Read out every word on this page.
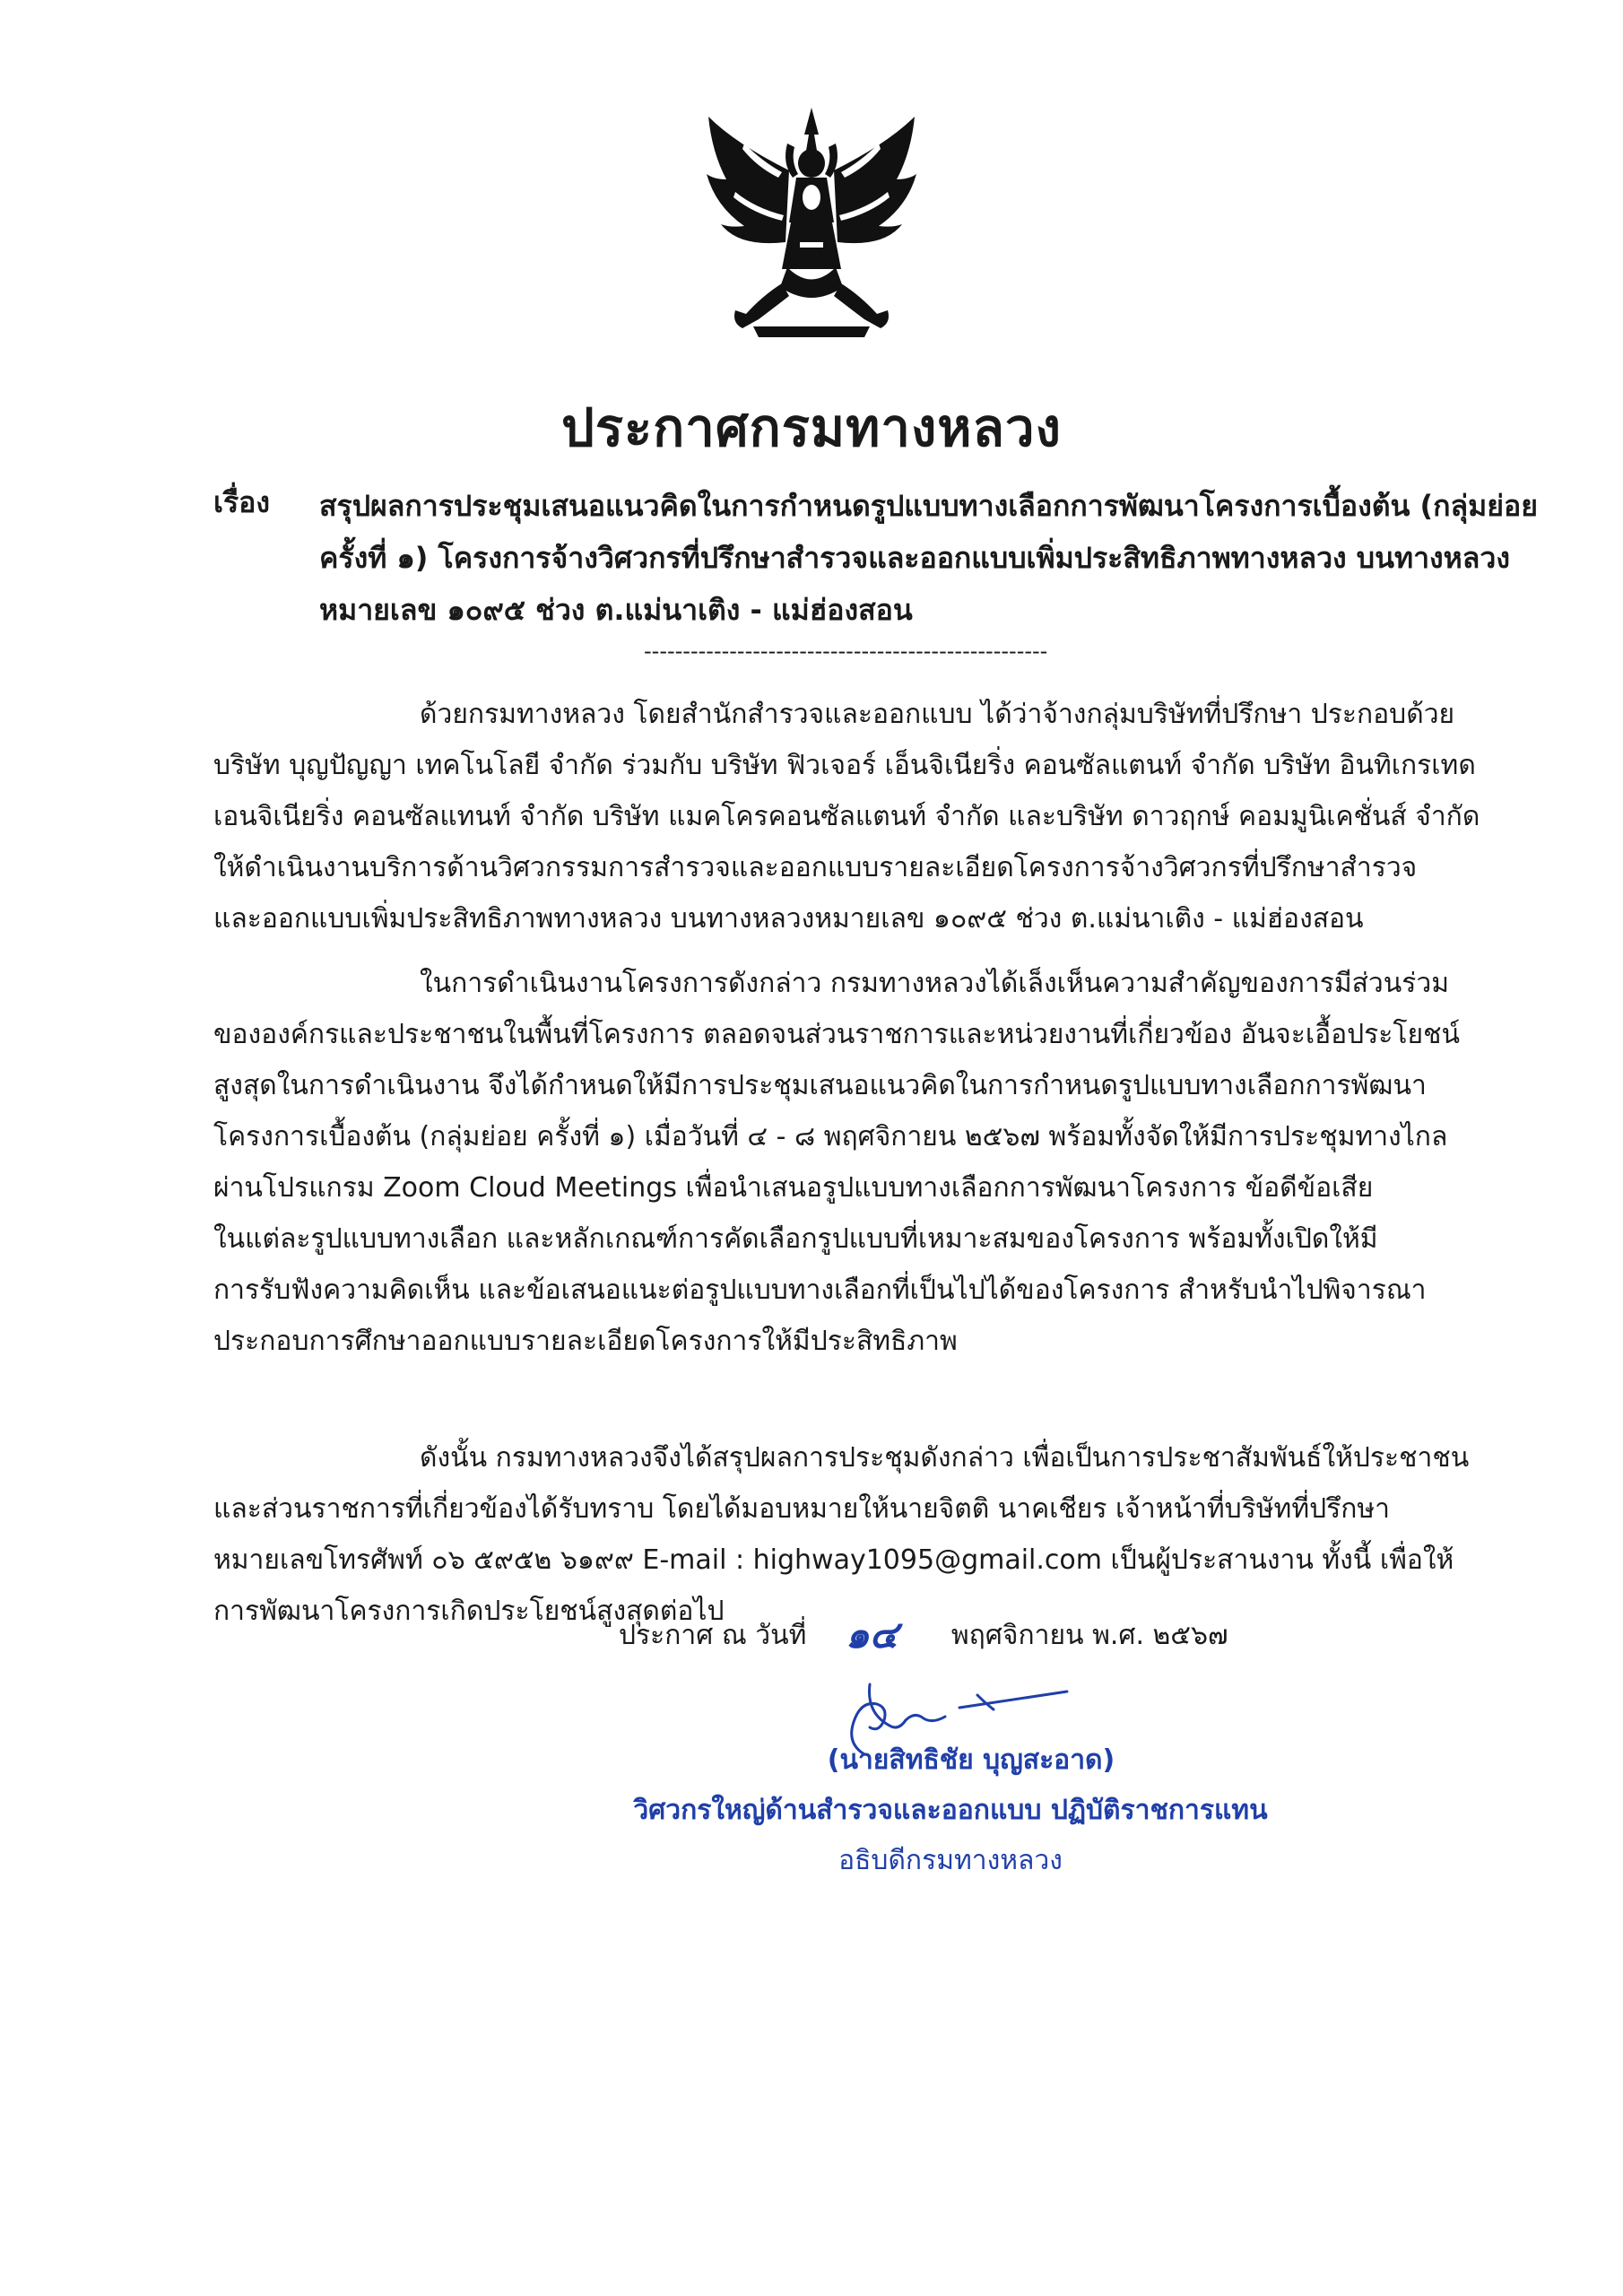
ประกาศกรมทางหลวง
เรื่อง สรุปผลการประชุมเสนอแนวคิดในการกำหนดรูปแบบทางเลือกการพัฒนาโครงการเบื้องต้น (กลุ่มย่อย
ครั้งที่ ๑) โครงการจ้างวิศวกรที่ปรึกษาสำรวจและออกแบบเพิ่มประสิทธิภาพทางหลวง บนทางหลวง
หมายเลข ๑๐๙๕ ช่วง ต.แม่นาเติง - แม่ฮ่องสอน
----------------------------------------------------
ด้วยกรมทางหลวง โดยสำนักสำรวจและออกแบบ ได้ว่าจ้างกลุ่มบริษัทที่ปรึกษา ประกอบด้วย
บริษัท บุญปัญญา เทคโนโลยี จำกัด ร่วมกับ บริษัท ฟิวเจอร์ เอ็นจิเนียริ่ง คอนซัลแตนท์ จำกัด บริษัท อินทิเกรเทด
เอนจิเนียริ่ง คอนซัลแทนท์ จำกัด บริษัท แมคโครคอนซัลแตนท์ จำกัด และบริษัท ดาวฤกษ์ คอมมูนิเคชั่นส์ จำกัด
ให้ดำเนินงานบริการด้านวิศวกรรมการสำรวจและออกแบบรายละเอียดโครงการจ้างวิศวกรที่ปรึกษาสำรวจ
และออกแบบเพิ่มประสิทธิภาพทางหลวง บนทางหลวงหมายเลข ๑๐๙๕ ช่วง ต.แม่นาเติง - แม่ฮ่องสอน
ในการดำเนินงานโครงการดังกล่าว กรมทางหลวงได้เล็งเห็นความสำคัญของการมีส่วนร่วม
ขององค์กรและประชาชนในพื้นที่โครงการ ตลอดจนส่วนราชการและหน่วยงานที่เกี่ยวข้อง อันจะเอื้อประโยชน์
สูงสุดในการดำเนินงาน จึงได้กำหนดให้มีการประชุมเสนอแนวคิดในการกำหนดรูปแบบทางเลือกการพัฒนา
โครงการเบื้องต้น (กลุ่มย่อย ครั้งที่ ๑) เมื่อวันที่ ๔ - ๘ พฤศจิกายน ๒๕๖๗ พร้อมทั้งจัดให้มีการประชุมทางไกล
ผ่านโปรแกรม Zoom Cloud Meetings เพื่อนำเสนอรูปแบบทางเลือกการพัฒนาโครงการ ข้อดีข้อเสีย
ในแต่ละรูปแบบทางเลือก และหลักเกณฑ์การคัดเลือกรูปแบบที่เหมาะสมของโครงการ พร้อมทั้งเปิดให้มี
การรับฟังความคิดเห็น และข้อเสนอแนะต่อรูปแบบทางเลือกที่เป็นไปได้ของโครงการ สำหรับนำไปพิจารณา
ประกอบการศึกษาออกแบบรายละเอียดโครงการให้มีประสิทธิภาพ
ดังนั้น กรมทางหลวงจึงได้สรุปผลการประชุมดังกล่าว เพื่อเป็นการประชาสัมพันธ์ให้ประชาชน
และส่วนราชการที่เกี่ยวข้องได้รับทราบ โดยได้มอบหมายให้นายจิตติ นาคเชียร เจ้าหน้าที่บริษัทที่ปรึกษา
หมายเลขโทรศัพท์ ๐๖ ๕๙๕๒ ๖๑๙๙ E-mail : highway1095@gmail.com เป็นผู้ประสานงาน ทั้งนี้ เพื่อให้
การพัฒนาโครงการเกิดประโยชน์สูงสุดต่อไป
ประกาศ ณ วันที่ ๑๔ พฤศจิกายน พ.ศ. ๒๕๖๗
(นายสิทธิชัย บุญสะอาด)
วิศวกรใหญ่ด้านสำรวจและออกแบบ ปฏิบัติราชการแทน
อธิบดีกรมทางหลวง
